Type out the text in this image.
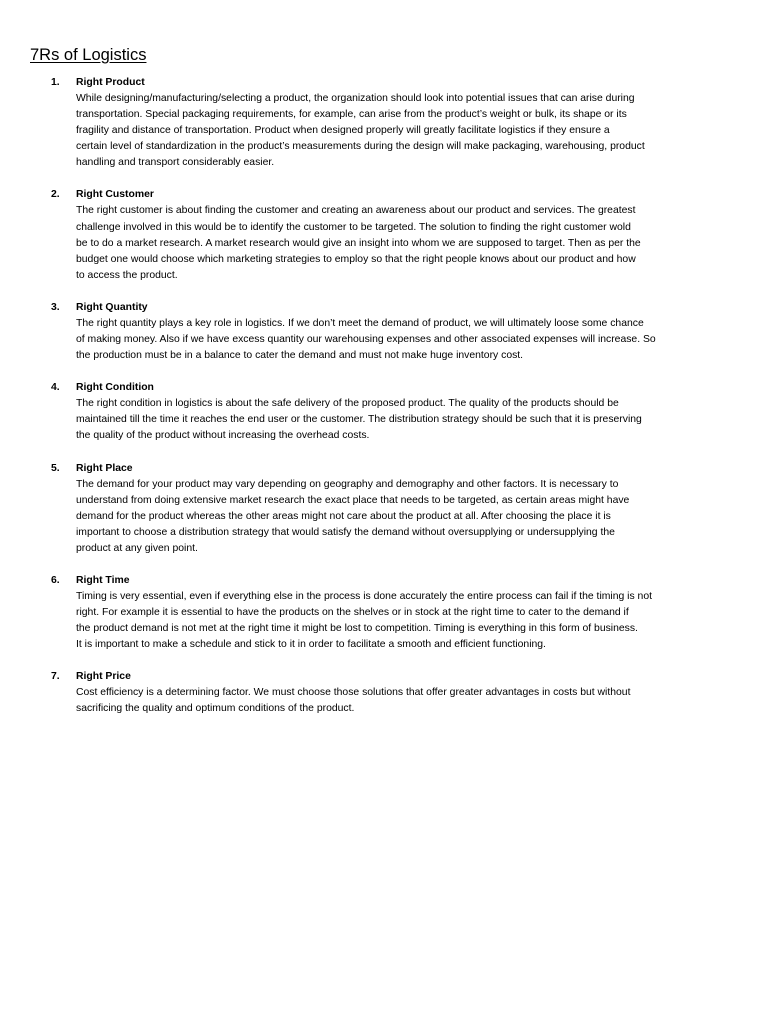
7Rs of Logistics
1. Right Product
While designing/manufacturing/selecting a product, the organization should look into potential issues that can arise during
transportation. Special packaging requirements, for example, can arise from the product’s weight or bulk, its shape or its
fragility and distance of transportation. Product when designed properly will greatly facilitate logistics if they ensure a
certain level of standardization in the product’s measurements during the design will make packaging, warehousing, product
handling and transport considerably easier.
2. Right Customer
The right customer is about finding the customer and creating an awareness about our product and services. The greatest
challenge involved in this would be to identify the customer to be targeted. The solution to finding the right customer wold
be to do a market research. A market research would give an insight into whom we are supposed to target. Then as per the
budget one would choose which marketing strategies to employ so that the right people knows about our product and how
to access the product.
3. Right Quantity
The right quantity plays a key role in logistics. If we don’t meet the demand of product, we will ultimately loose some chance
of making money. Also if we have excess quantity our warehousing expenses and other associated expenses will increase. So
the production must be in a balance to cater the demand and must not make huge inventory cost.
4. Right Condition
The right condition in logistics is about the safe delivery of the proposed product. The quality of the products should be
maintained till the time it reaches the end user or the customer. The distribution strategy should be such that it is preserving
the quality of the product without increasing the overhead costs.
5. Right Place
The demand for your product may vary depending on geography and demography and other factors. It is necessary to
understand from doing extensive market research the exact place that needs to be targeted, as certain areas might have
demand for the product whereas the other areas might not care about the product at all. After choosing the place it is
important to choose a distribution strategy that would satisfy the demand without oversupplying or undersupplying the
product at any given point.
6. Right Time
Timing is very essential, even if everything else in the process is done accurately the entire process can fail if the timing is not
right. For example it is essential to have the products on the shelves or in stock at the right time to cater to the demand if
the product demand is not met at the right time it might be lost to competition. Timing is everything in this form of business.
It is important to make a schedule and stick to it in order to facilitate a smooth and efficient functioning.
7. Right Price
Cost efficiency is a determining factor. We must choose those solutions that offer greater advantages in costs but without
sacrificing the quality and optimum conditions of the product.
